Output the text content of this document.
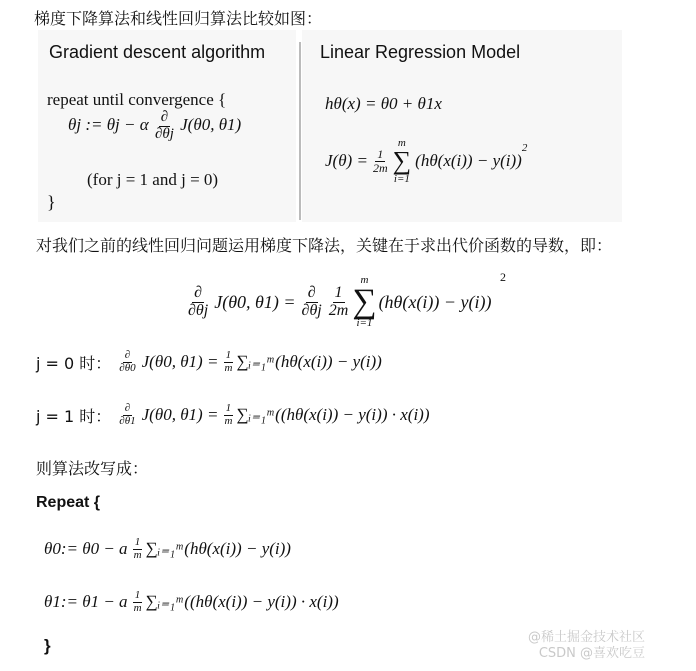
梯度下降算法和线性回归算法比较如图：
Gradient descent algorithm
repeat until convergence {
θj := θj − α $\frac{\partial}{\partial\theta j} J(\theta 0$, θ1)
(for j = 1 and j = 0)
}
Linear Regression Model
hθ(x) = θ0 + θ1x
$J(\theta) = \frac{1}{2m}$
m
∑
i=1
(hθ(x(i)) − y(i))
$^2$
对我们之前的线性回归问题运用梯度下降法，关键在于求出代价函数的导数，即：
$\frac{\partial}{\partial\theta j} J(\theta 0$, $\theta 1) = \frac{\partial}{\partial\theta j} \frac{1}{2m}$
m
∑
i=1
(hθ(x(i)) − y(i))
2
j = 0 时： $\frac{\partial}{\partial\theta 0} J(\theta 0$, $\theta 1) = \frac{1}{m}$ ∑ᵢ₌₁ᵐ (hθ(x(i)) − y(i))
j = 1 时： $\frac{\partial}{\partial\theta 1} J(\theta 0$, $\theta 1) = \frac{1}{m}$ ∑ᵢ₌₁ᵐ ((hθ(x(i)) − y(i)) · x(i))
则算法改写成：
Repeat {
θ0:= θ0 − a $\frac{1}{m}$ ∑ᵢ₌₁ᵐ (hθ(x(i)) − y(i))
θ1:= θ1 − a $\frac{1}{m}$ ∑ᵢ₌₁ᵐ ((hθ(x(i)) − y(i)) · x(i))
}	@稀土掘金技术社区
CSDN @喜欢吃豆
